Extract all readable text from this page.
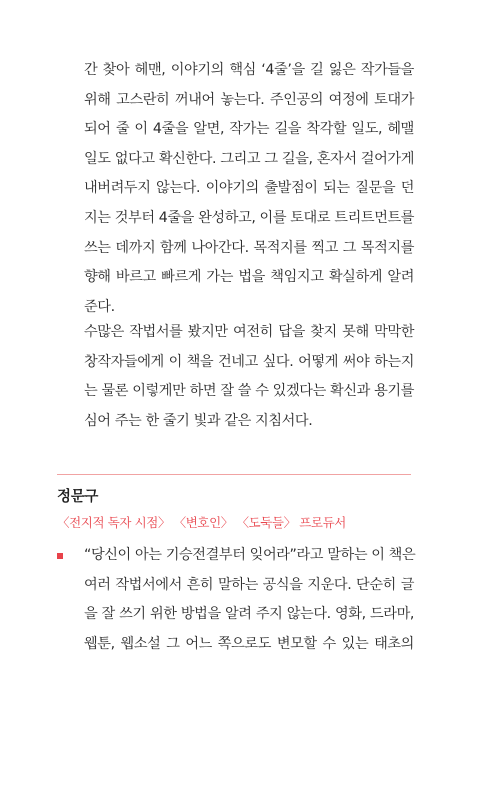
간 찾아 헤맨, 이야기의 핵심 ‘4줄’을 길 잃은 작가들을
위해 고스란히 꺼내어 놓는다. 주인공의 여정에 토대가
되어 줄 이 4줄을 알면, 작가는 길을 착각할 일도, 헤맬
일도 없다고 확신한다. 그리고 그 길을, 혼자서 걸어가게
내버려두지 않는다. 이야기의 출발점이 되는 질문을 던
지는 것부터 4줄을 완성하고, 이를 토대로 트리트먼트를
쓰는 데까지 함께 나아간다. 목적지를 찍고 그 목적지를
향해 바르고 빠르게 가는 법을 책임지고 확실하게 알려
준다.

수많은 작법서를 봤지만 여전히 답을 찾지 못해 막막한
창작자들에게 이 책을 건네고 싶다. 어떻게 써야 하는지
는 물론 이렇게만 하면 잘 쓸 수 있겠다는 확신과 용기를
심어 주는 한 줄기 빛과 같은 지침서다.

정문구
〈전지적 독자 시점〉 〈변호인〉 〈도둑들〉 프로듀서
“당신이 아는 기승전결부터 잊어라”라고 말하는 이 책은
여러 작법서에서 흔히 말하는 공식을 지운다. 단순히 글
을 잘 쓰기 위한 방법을 알려 주지 않는다. 영화, 드라마,
웹툰, 웹소설 그 어느 쪽으로도 변모할 수 있는 태초의
